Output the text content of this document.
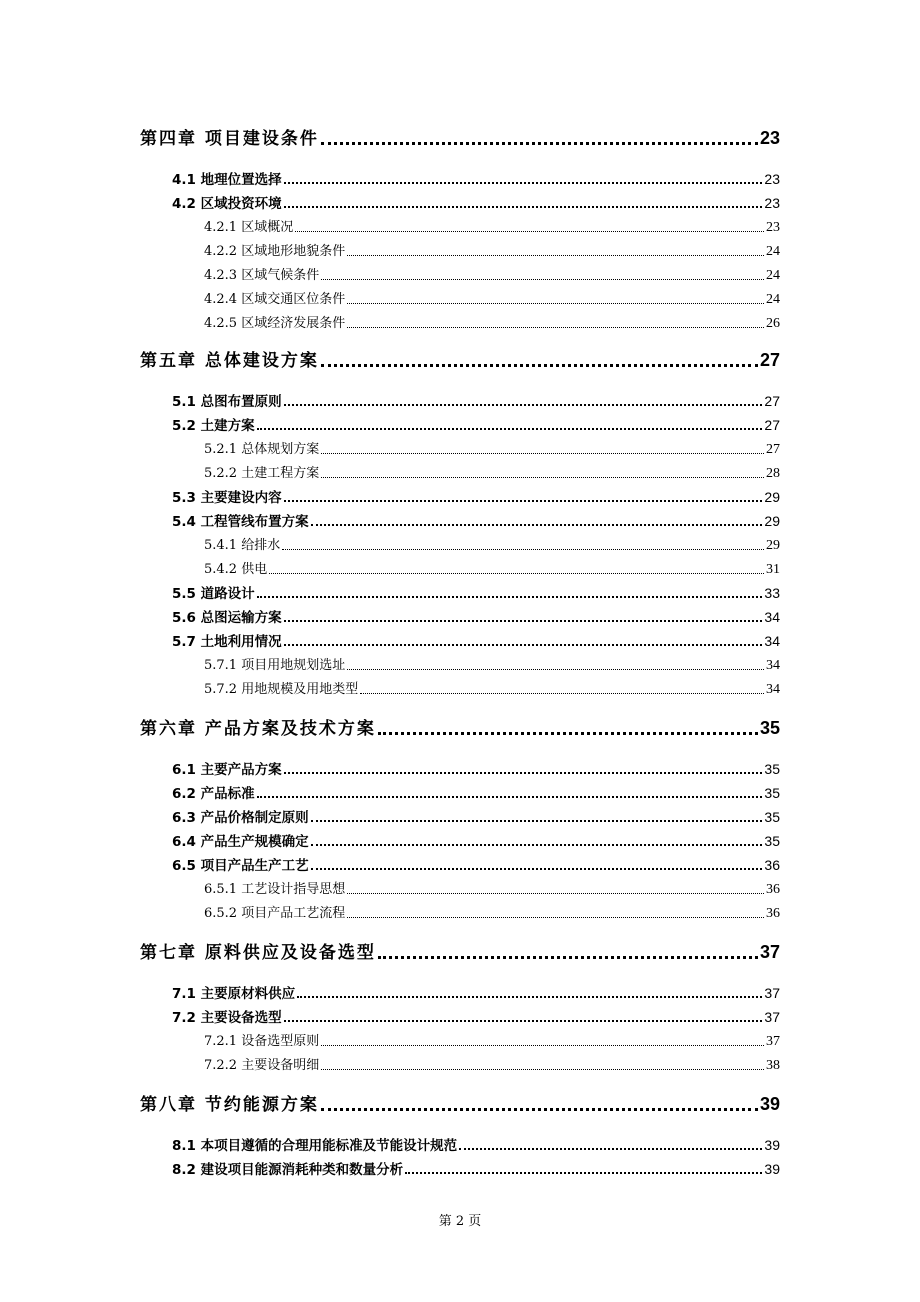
第四章 项目建设条件	23
4.1 地理位置选择	23
4.2 区域投资环境	23
4.2.1 区域概况	23
4.2.2 区域地形地貌条件	24
4.2.3 区域气候条件	24
4.2.4 区域交通区位条件	24
4.2.5 区域经济发展条件	26
第五章 总体建设方案	27
5.1 总图布置原则	27
5.2 土建方案	27
5.2.1 总体规划方案	27
5.2.2 土建工程方案	28
5.3 主要建设内容	29
5.4 工程管线布置方案	29
5.4.1 给排水	29
5.4.2 供电	31
5.5 道路设计	33
5.6 总图运输方案	34
5.7 土地利用情况	34
5.7.1 项目用地规划选址	34
5.7.2 用地规模及用地类型	34
第六章 产品方案及技术方案	35
6.1 主要产品方案	35
6.2 产品标准	35
6.3 产品价格制定原则	35
6.4 产品生产规模确定	35
6.5 项目产品生产工艺	36
6.5.1 工艺设计指导思想	36
6.5.2 项目产品工艺流程	36
第七章 原料供应及设备选型	37
7.1 主要原材料供应	37
7.2 主要设备选型	37
7.2.1 设备选型原则	37
7.2.2 主要设备明细	38
第八章 节约能源方案	39
8.1 本项目遵循的合理用能标准及节能设计规范	39
8.2 建设项目能源消耗种类和数量分析	39
第 2 页
